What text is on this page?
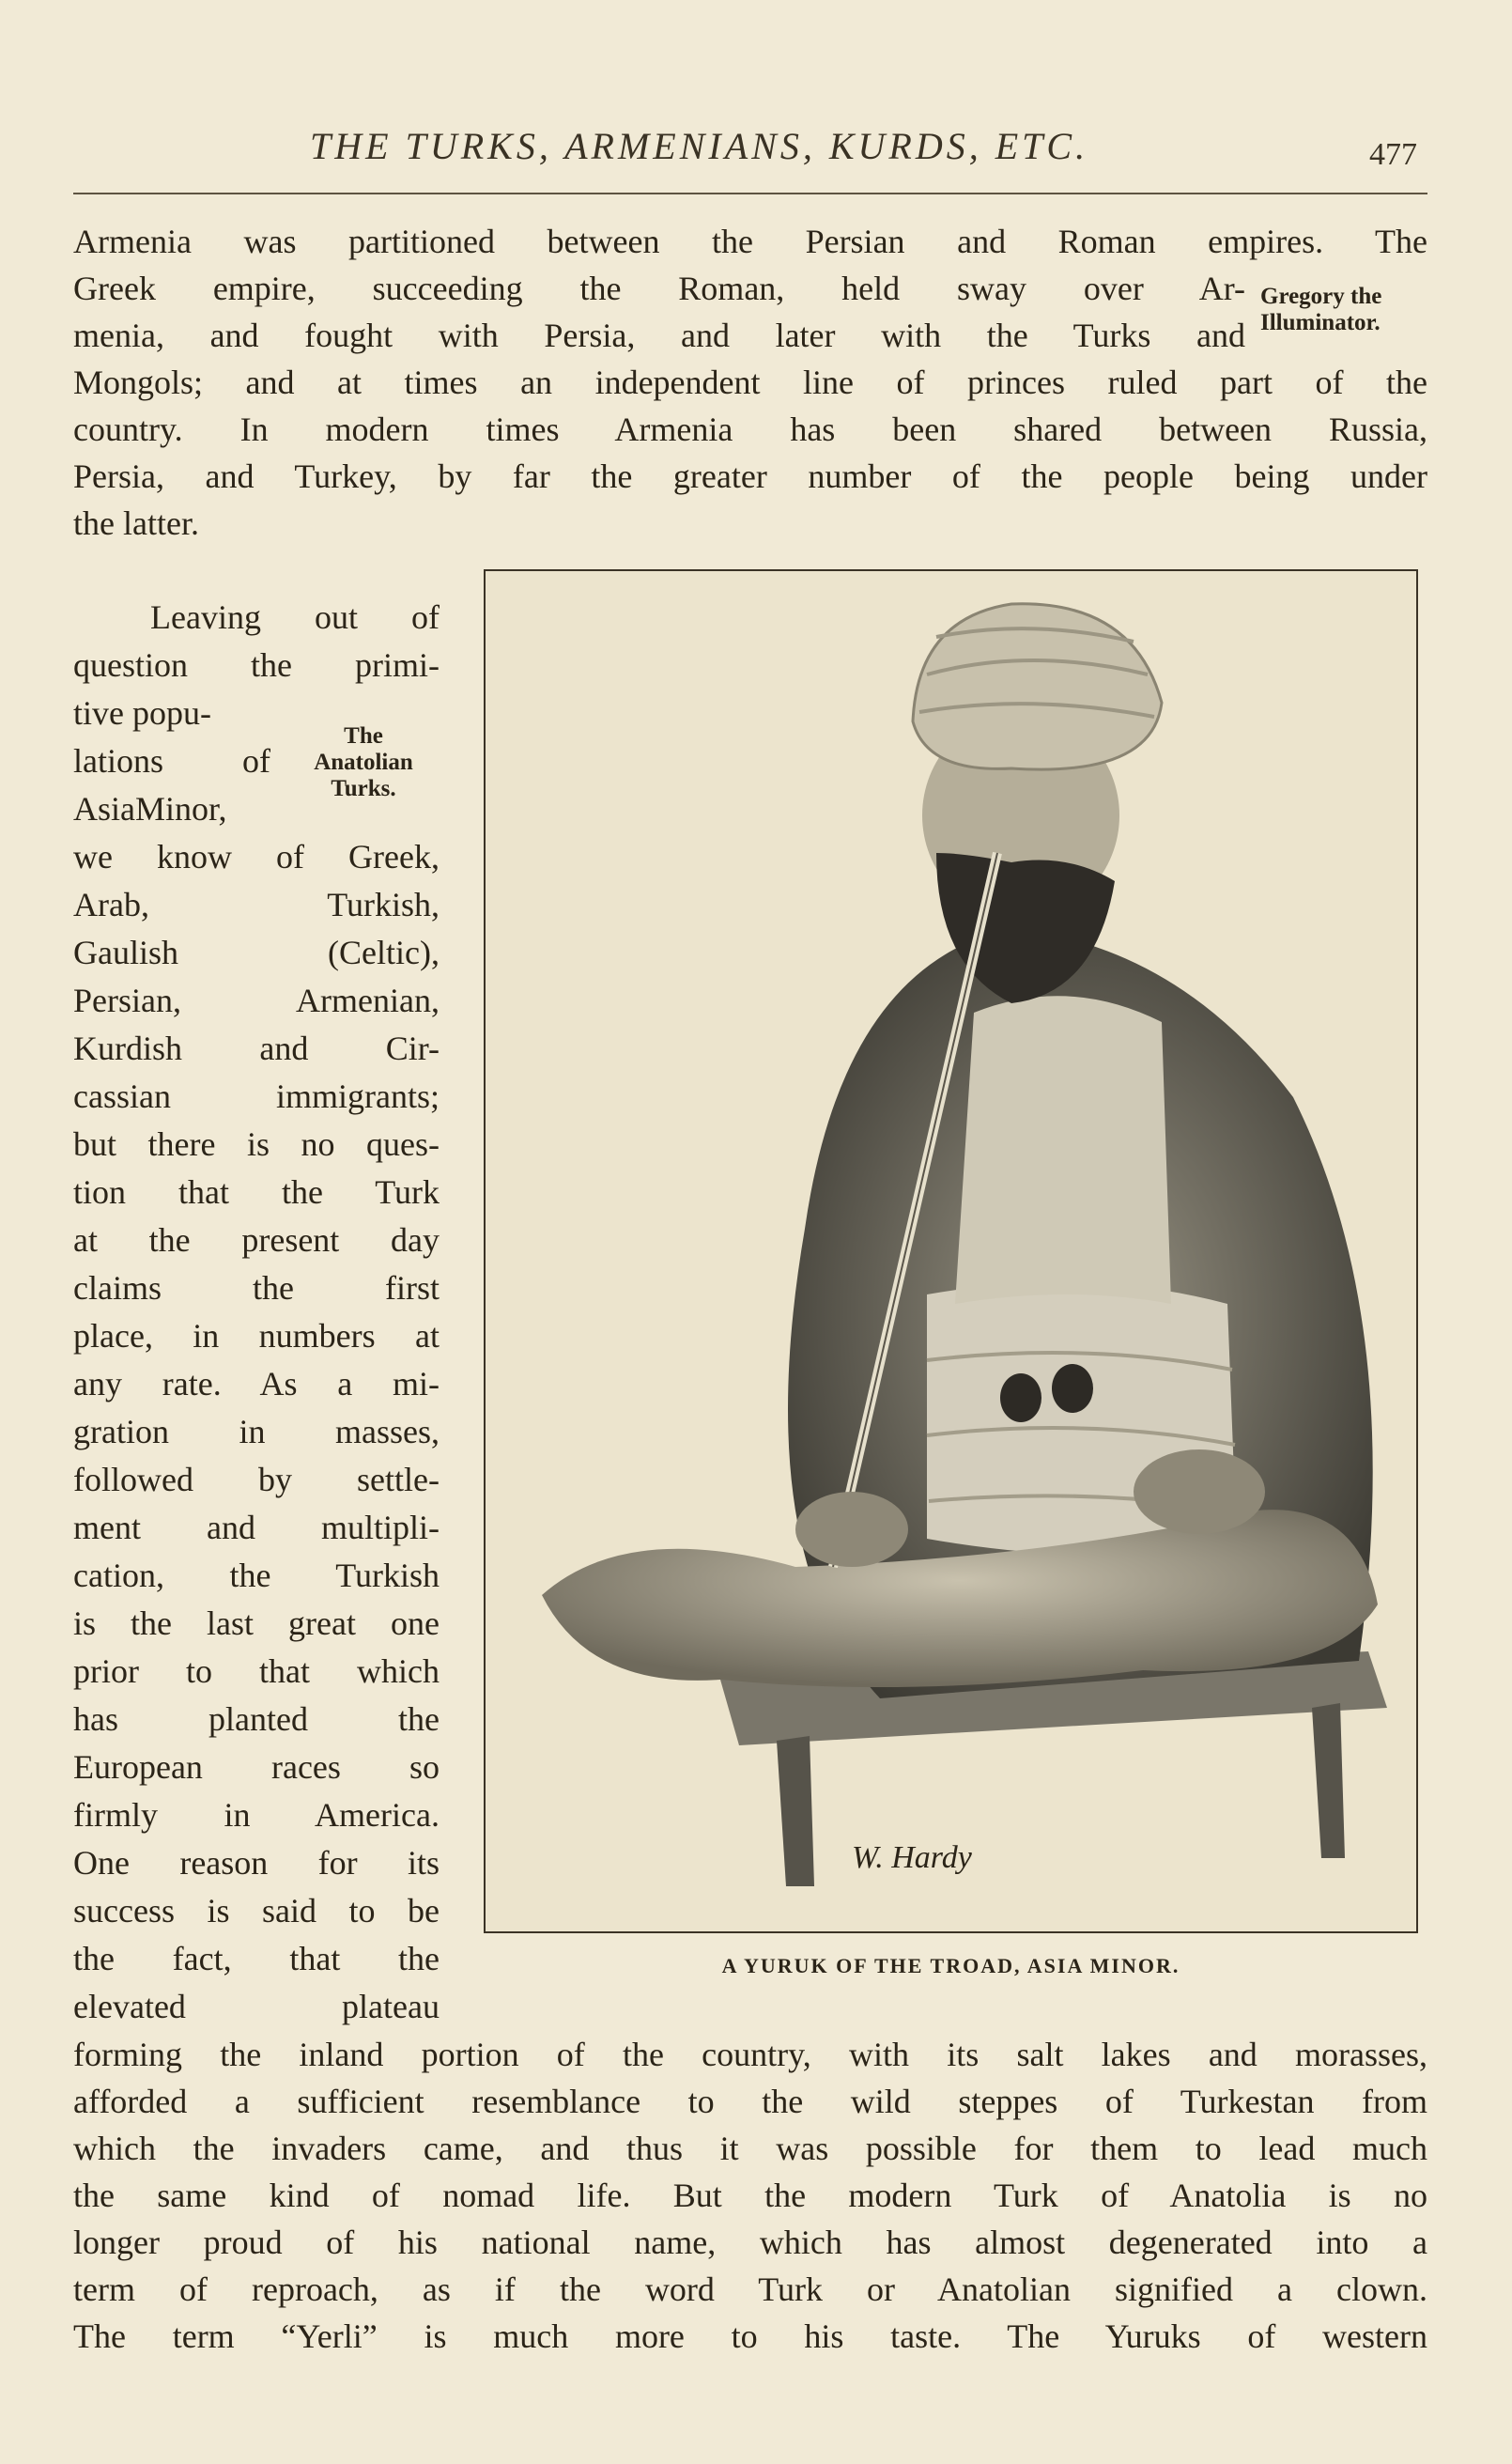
THE TURKS, ARMENIANS, KURDS, ETC.	477
Armenia was partitioned between the Persian and Roman empires. The
Greek empire, succeeding the Roman, held sway over Ar-
menia, and fought with Persia, and later with the Turks and
Mongols; and at times an independent line of princes ruled part of the
country. In modern times Armenia has been shared between Russia,
Persia, and Turkey, by far the greater number of the people being under
the latter.
Gregory the
Illuminator.
Leaving out of
question the primi-
tive popu-
lations of
AsiaMinor,
we know of Greek,
Arab, Turkish,
Gaulish (Celtic),
Persian, Armenian,
Kurdish and Cir-
cassian immigrants;
but there is no ques-
tion that the Turk
at the present day
claims the first
place, in numbers at
any rate. As a mi-
gration in masses,
followed by settle-
ment and multipli-
cation, the Turkish
is the last great one
prior to that which
has planted the
European races so
firmly in America.
One reason for its
success is said to be
the fact, that the
elevated plateau
The
Anatolian
Turks.
W. Hardy
A YURUK OF THE TROAD, ASIA MINOR.
forming the inland portion of the country, with its salt lakes and morasses,
afforded a sufficient resemblance to the wild steppes of Turkestan from
which the invaders came, and thus it was possible for them to lead much
the same kind of nomad life. But the modern Turk of Anatolia is no
longer proud of his national name, which has almost degenerated into a
term of reproach, as if the word Turk or Anatolian signified a clown.
The term “Yerli” is much more to his taste. The Yuruks of western
